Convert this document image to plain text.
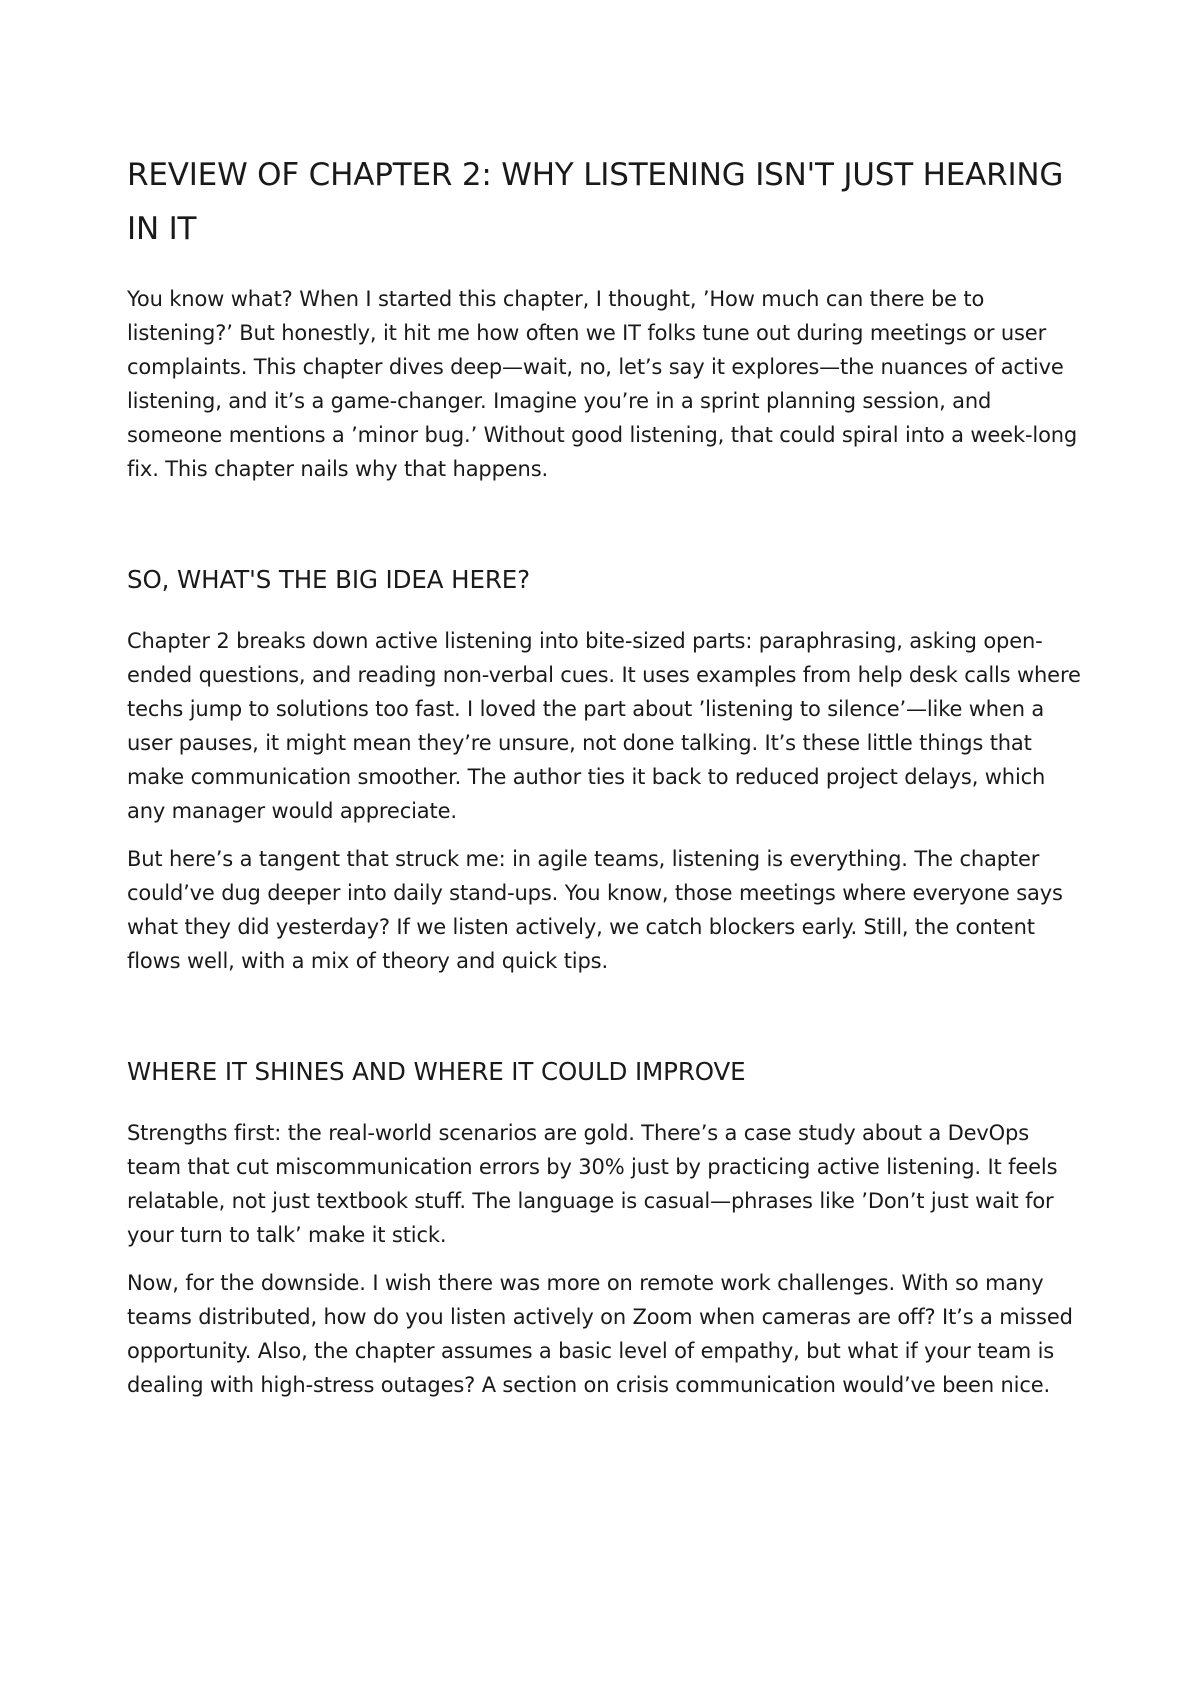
REVIEW OF CHAPTER 2: WHY LISTENING ISN'T JUST HEARING IN IT

You know what? When I started this chapter, I thought, ’How much can there be to listening?’ But honestly, it hit me how often we IT folks tune out during meetings or user complaints. This chapter dives deep—wait, no, let’s say it explores—the nuances of active listening, and it’s a game-changer. Imagine you’re in a sprint planning session, and someone mentions a ’minor bug.’ Without good listening, that could spiral into a week-long fix. This chapter nails why that happens.

SO, WHAT'S THE BIG IDEA HERE?

Chapter 2 breaks down active listening into bite-sized parts: paraphrasing, asking open-ended questions, and reading non-verbal cues. It uses examples from help desk calls where techs jump to solutions too fast. I loved the part about ’listening to silence’—like when a user pauses, it might mean they’re unsure, not done talking. It’s these little things that make communication smoother. The author ties it back to reduced project delays, which any manager would appreciate.

But here’s a tangent that struck me: in agile teams, listening is everything. The chapter could’ve dug deeper into daily stand-ups. You know, those meetings where everyone says what they did yesterday? If we listen actively, we catch blockers early. Still, the content flows well, with a mix of theory and quick tips.

WHERE IT SHINES AND WHERE IT COULD IMPROVE

Strengths first: the real-world scenarios are gold. There’s a case study about a DevOps team that cut miscommunication errors by 30% just by practicing active listening. It feels relatable, not just textbook stuff. The language is casual—phrases like ’Don’t just wait for your turn to talk’ make it stick.

Now, for the downside. I wish there was more on remote work challenges. With so many teams distributed, how do you listen actively on Zoom when cameras are off? It’s a missed opportunity. Also, the chapter assumes a basic level of empathy, but what if your team is dealing with high-stress outages? A section on crisis communication would’ve been nice.
